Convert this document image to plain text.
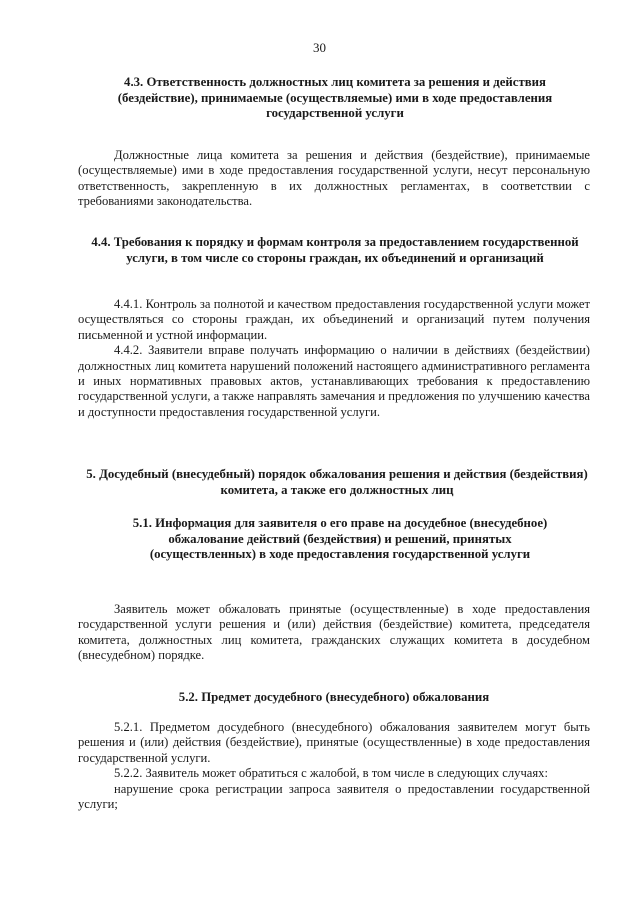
30
4.3. Ответственность должностных лиц комитета за решения и действия (бездействие), принимаемые (осуществляемые) ими в ходе предоставления государственной услуги

Должностные лица комитета за решения и действия (бездействие), принимаемые (осуществляемые) ими в ходе предоставления государственной услуги, несут персональную ответственность, закрепленную в их должностных регламентах, в соответствии с требованиями законодательства.

4.4. Требования к порядку и формам контроля за предоставлением государственной услуги, в том числе со стороны граждан, их объединений и организаций

4.4.1. Контроль за полнотой и качеством предоставления государственной услуги может осуществляться со стороны граждан, их объединений и организаций путем получения письменной и устной информации.

4.4.2. Заявители вправе получать информацию о наличии в действиях (бездействии) должностных лиц комитета нарушений положений настоящего административного регламента и иных нормативных правовых актов, устанавливающих требования к предоставлению государственной услуги, а также направлять замечания и предложения по улучшению качества и доступности предоставления государственной услуги.

5. Досудебный (внесудебный) порядок обжалования решения и действия (бездействия) комитета, а также его должностных лиц
5.1. Информация для заявителя о его праве на досудебное (внесудебное) обжалование действий (бездействия) и решений, принятых (осуществленных) в ходе предоставления государственной услуги

Заявитель может обжаловать принятые (осуществленные) в ходе предоставления государственной услуги решения и (или) действия (бездействие) комитета, председателя комитета, должностных лиц комитета, гражданских служащих комитета в досудебном (внесудебном) порядке.

5.2. Предмет досудебного (внесудебного) обжалования

5.2.1. Предметом досудебного (внесудебного) обжалования заявителем могут быть решения и (или) действия (бездействие), принятые (осуществленные) в ходе предоставления государственной услуги.

5.2.2. Заявитель может обратиться с жалобой, в том числе в следующих случаях:

нарушение срока регистрации запроса заявителя о предоставлении государственной услуги;
